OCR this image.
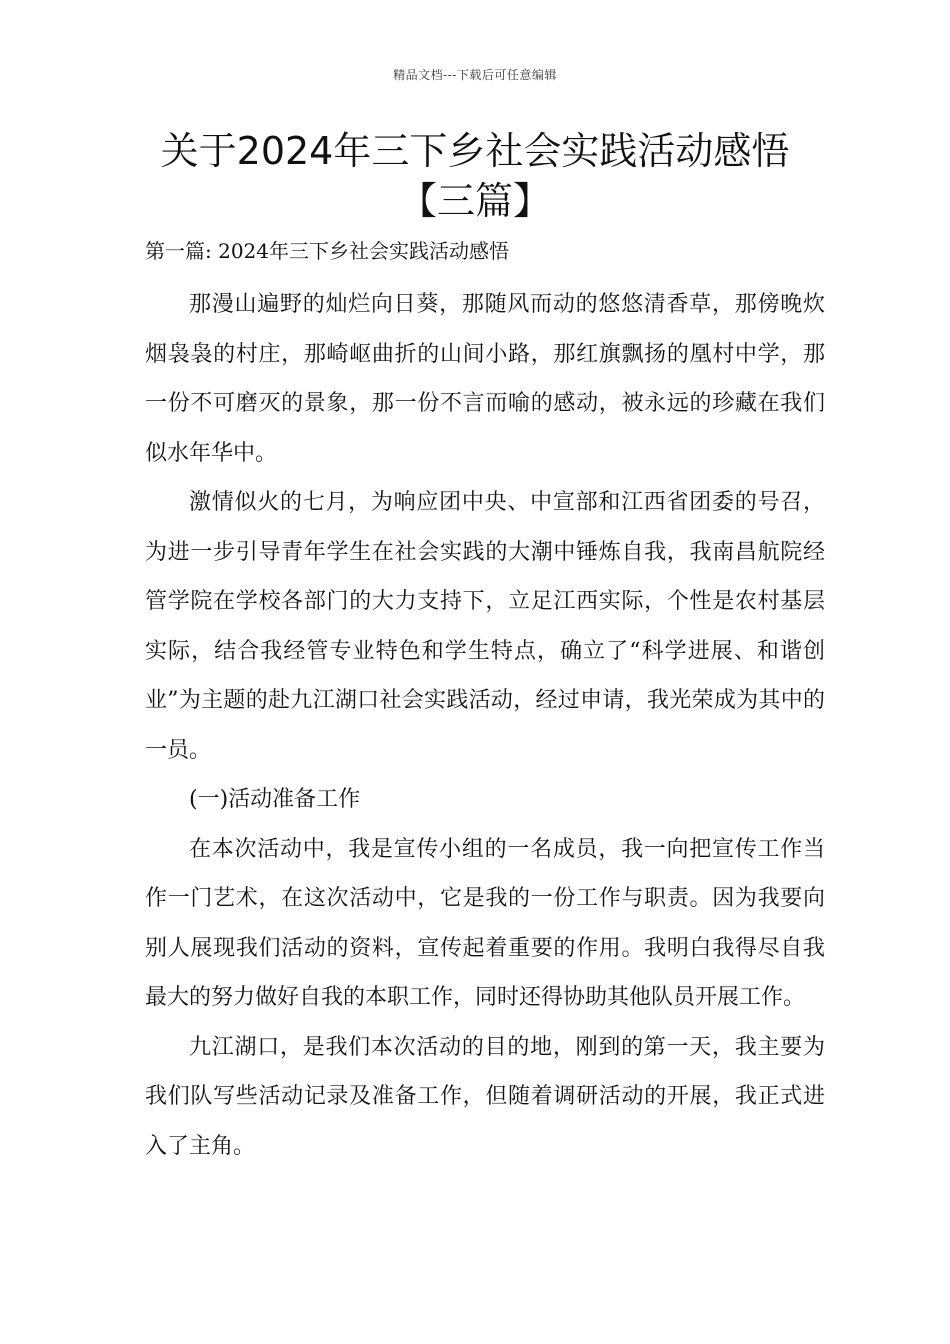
精品文档---下载后可任意编辑
关于2024年三下乡社会实践活动感悟
【三篇】

第一篇: 2024年三下乡社会实践活动感悟

那漫山遍野的灿烂向日葵，那随风而动的悠悠清香草，那傍晚炊烟袅袅的村庄，那崎岖曲折的山间小路，那红旗飘扬的凰村中学，那一份不可磨灭的景象，那一份不言而喻的感动，被永远的珍藏在我们似水年华中。

激情似火的七月，为响应团中央、中宣部和江西省团委的号召，为进一步引导青年学生在社会实践的大潮中锤炼自我，我南昌航院经管学院在学校各部门的大力支持下，立足江西实际，个性是农村基层实际，结合我经管专业特色和学生特点，确立了“科学进展、和谐创业”为主题的赴九江湖口社会实践活动，经过申请，我光荣成为其中的一员。

(一)活动准备工作

在本次活动中，我是宣传小组的一名成员，我一向把宣传工作当作一门艺术，在这次活动中，它是我的一份工作与职责。因为我要向别人展现我们活动的资料，宣传起着重要的作用。我明白我得尽自我最大的努力做好自我的本职工作，同时还得协助其他队员开展工作。

九江湖口，是我们本次活动的目的地，刚到的第一天，我主要为我们队写些活动记录及准备工作，但随着调研活动的开展，我正式进入了主角。
